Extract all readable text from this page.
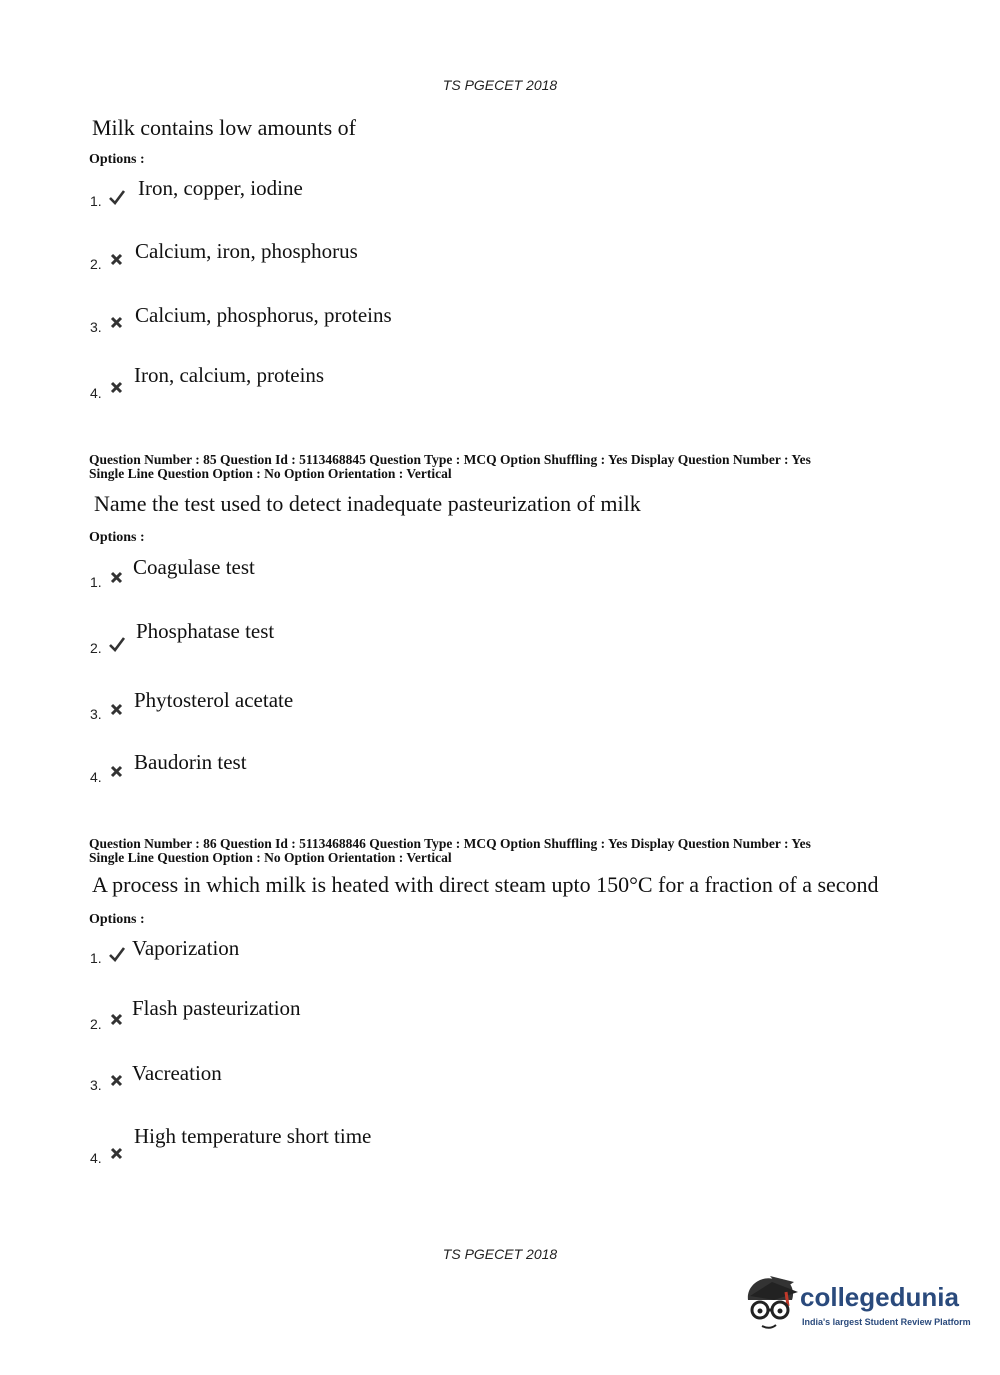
TS PGECET 2018
Milk contains low amounts of
Options :
1.
Iron, copper, iodine
2.
Calcium, iron, phosphorus
3. Calcium, phosphorus, proteins
4.
Iron, calcium, proteins
Question Number : 85 Question Id : 5113468845 Question Type : MCQ Option Shuffling : Yes Display Question Number : Yes
Single Line Question Option : No Option Orientation : Vertical
Name the test used to detect inadequate pasteurization of milk
Options :
1.
Coagulase test
2.
Phosphatase test
3.
Phytosterol acetate
4.
Baudorin test
Question Number : 86 Question Id : 5113468846 Question Type : MCQ Option Shuffling : Yes Display Question Number : Yes
Single Line Question Option : No Option Orientation : Vertical
A process in which milk is heated with direct steam upto 150°C for a fraction of a second
Options :
1. Vaporization
2.
Flash pasteurization
3. Vacreation
4.
High temperature short time
TS PGECET 2018
collegedunia
India's largest Student Review Platform
